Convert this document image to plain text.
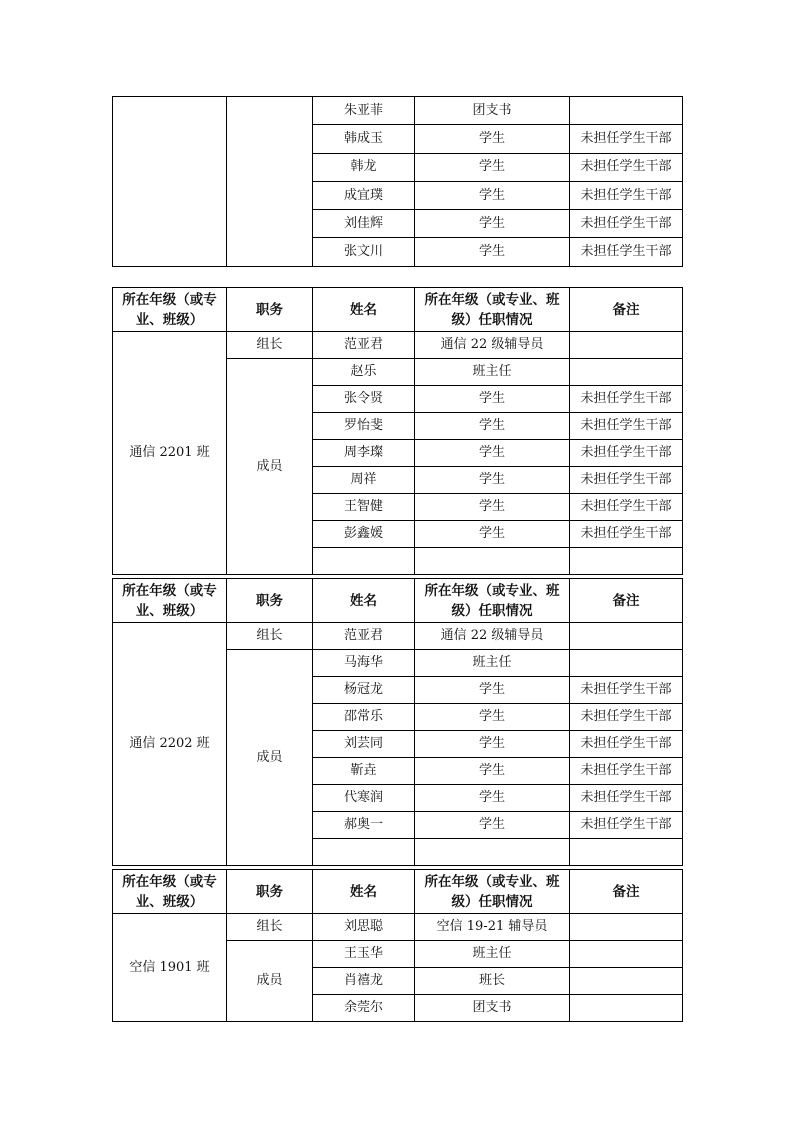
		朱亚菲	团支书	
		韩成玉	学生	未担任学生干部
		韩龙	学生	未担任学生干部
		成宜璞	学生	未担任学生干部
		刘佳辉	学生	未担任学生干部
		张文川	学生	未担任学生干部
所在年级（或专业、班级）	职务	姓名	所在年级（或专业、班级）任职情况	备注
通信 2201 班	组长	范亚君	通信 22 级辅导员	
	成员	赵乐	班主任	
		张令贤	学生	未担任学生干部
		罗怡斐	学生	未担任学生干部
		周李璨	学生	未担任学生干部
		周祥	学生	未担任学生干部
		王智健	学生	未担任学生干部
		彭鑫媛	学生	未担任学生干部

所在年级（或专业、班级）	职务	姓名	所在年级（或专业、班级）任职情况	备注
通信 2202 班	组长	范亚君	通信 22 级辅导员	
	成员	马海华	班主任	
		杨冠龙	学生	未担任学生干部
		邵常乐	学生	未担任学生干部
		刘芸同	学生	未担任学生干部
		靳垚	学生	未担任学生干部
		代寒润	学生	未担任学生干部
		郝奥一	学生	未担任学生干部

所在年级（或专业、班级）	职务	姓名	所在年级（或专业、班级）任职情况	备注
空信 1901 班	组长	刘思聪	空信 19-21 辅导员	
	成员	王玉华	班主任	
		肖禧龙	班长	
		余莞尔	团支书	
